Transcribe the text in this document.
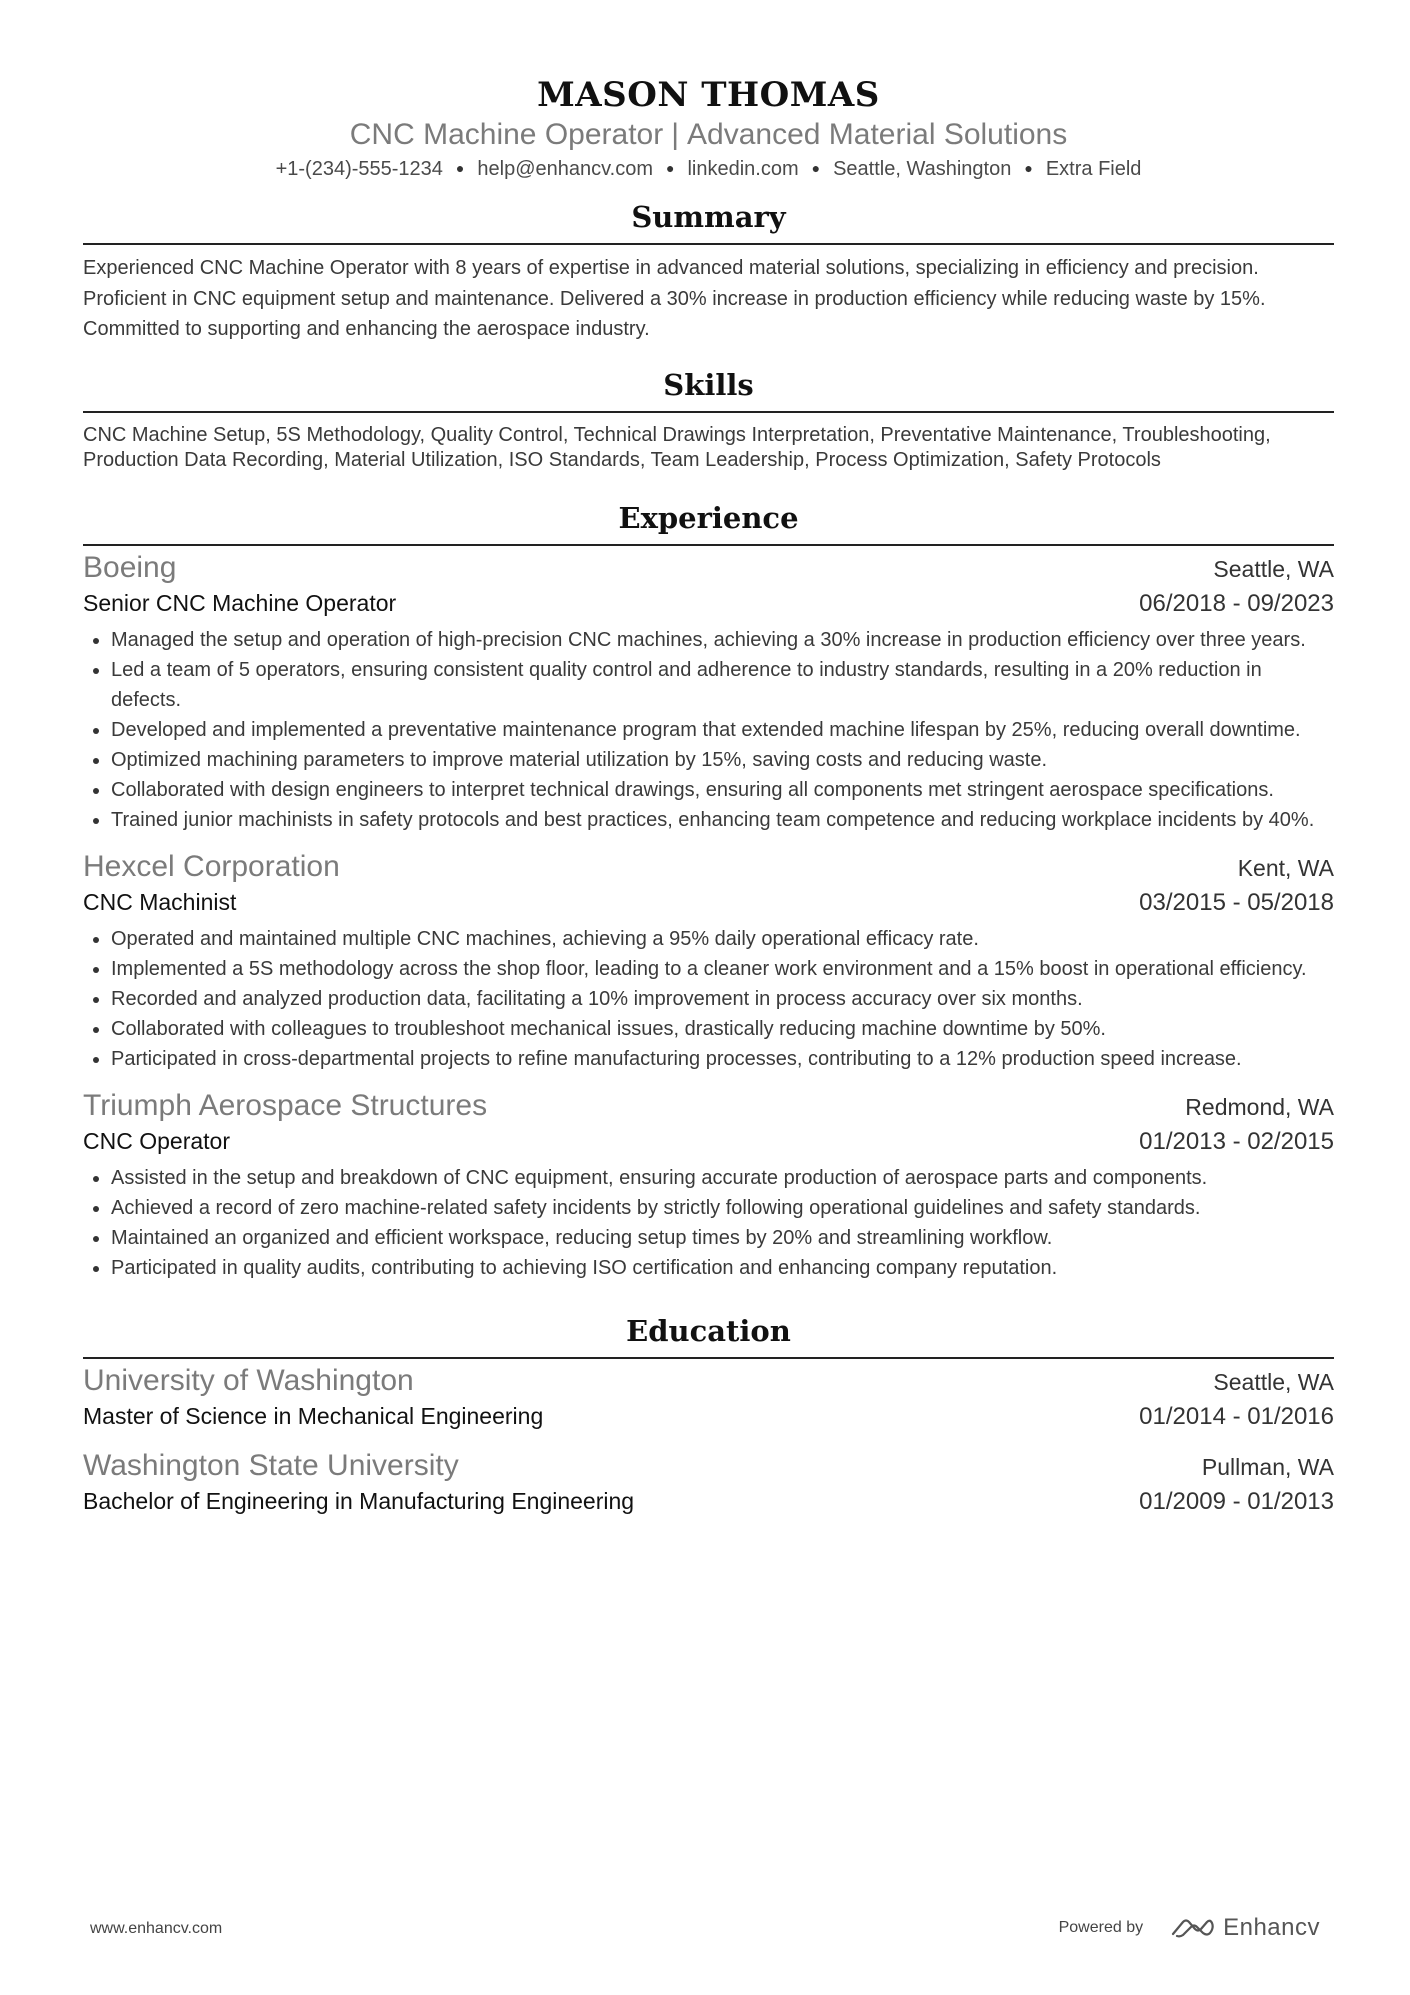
MASON THOMAS
CNC Machine Operator | Advanced Material Solutions
+1-(234)-555-1234 ● help@enhancv.com ● linkedin.com ● Seattle, Washington ● Extra Field
Summary
Experienced CNC Machine Operator with 8 years of expertise in advanced material solutions, specializing in efficiency and precision. Proficient in CNC equipment setup and maintenance. Delivered a 30% increase in production efficiency while reducing waste by 15%. Committed to supporting and enhancing the aerospace industry.
Skills
CNC Machine Setup, 5S Methodology, Quality Control, Technical Drawings Interpretation, Preventative Maintenance, Troubleshooting, Production Data Recording, Material Utilization, ISO Standards, Team Leadership, Process Optimization, Safety Protocols
Experience
Boeing	Seattle, WA
Senior CNC Machine Operator	06/2018 - 09/2023
Managed the setup and operation of high-precision CNC machines, achieving a 30% increase in production efficiency over three years.
Led a team of 5 operators, ensuring consistent quality control and adherence to industry standards, resulting in a 20% reduction in defects.
Developed and implemented a preventative maintenance program that extended machine lifespan by 25%, reducing overall downtime.
Optimized machining parameters to improve material utilization by 15%, saving costs and reducing waste.
Collaborated with design engineers to interpret technical drawings, ensuring all components met stringent aerospace specifications.
Trained junior machinists in safety protocols and best practices, enhancing team competence and reducing workplace incidents by 40%.
Hexcel Corporation	Kent, WA
CNC Machinist	03/2015 - 05/2018
Operated and maintained multiple CNC machines, achieving a 95% daily operational efficacy rate.
Implemented a 5S methodology across the shop floor, leading to a cleaner work environment and a 15% boost in operational efficiency.
Recorded and analyzed production data, facilitating a 10% improvement in process accuracy over six months.
Collaborated with colleagues to troubleshoot mechanical issues, drastically reducing machine downtime by 50%.
Participated in cross-departmental projects to refine manufacturing processes, contributing to a 12% production speed increase.
Triumph Aerospace Structures	Redmond, WA
CNC Operator	01/2013 - 02/2015
Assisted in the setup and breakdown of CNC equipment, ensuring accurate production of aerospace parts and components.
Achieved a record of zero machine-related safety incidents by strictly following operational guidelines and safety standards.
Maintained an organized and efficient workspace, reducing setup times by 20% and streamlining workflow.
Participated in quality audits, contributing to achieving ISO certification and enhancing company reputation.
Education
University of Washington	Seattle, WA
Master of Science in Mechanical Engineering	01/2014 - 01/2016
Washington State University	Pullman, WA
Bachelor of Engineering in Manufacturing Engineering	01/2009 - 01/2013
www.enhancv.com	Powered by	Enhancv
